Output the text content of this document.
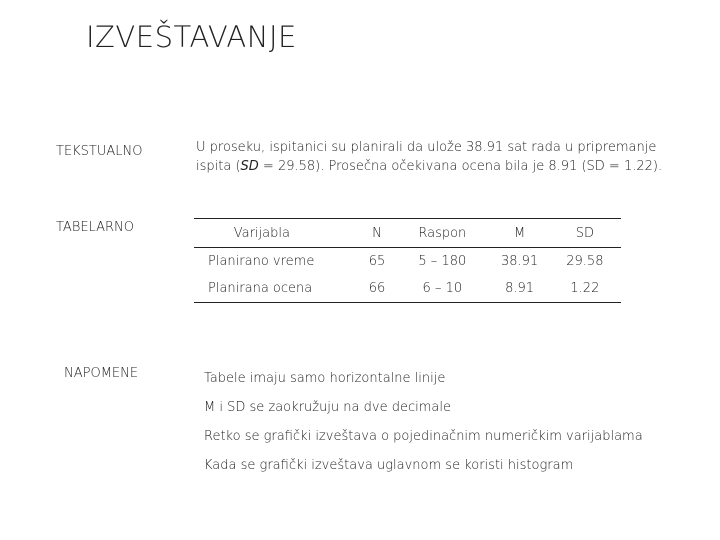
IZVEŠTAVANJE
TEKSTUALNO
TABELARNO
NAPOMENE
U proseku, ispitanici su planirali da ulože 38.91 sat rada u pripremanje ispita (SD = 29.58). Prosečna očekivana ocena bila je 8.91 (SD = 1.22).
Varijabla	N	Raspon	M	SD
Planirano vreme	65	5 – 180	38.91	29.58
Planirana ocena	66	6 – 10	8.91	1.22
Tabele imaju samo horizontalne linije
M i SD se zaokružuju na dve decimale
Retko se grafički izveštava o pojedinačnim numeričkim varijablama
Kada se grafički izveštava uglavnom se koristi histogram
